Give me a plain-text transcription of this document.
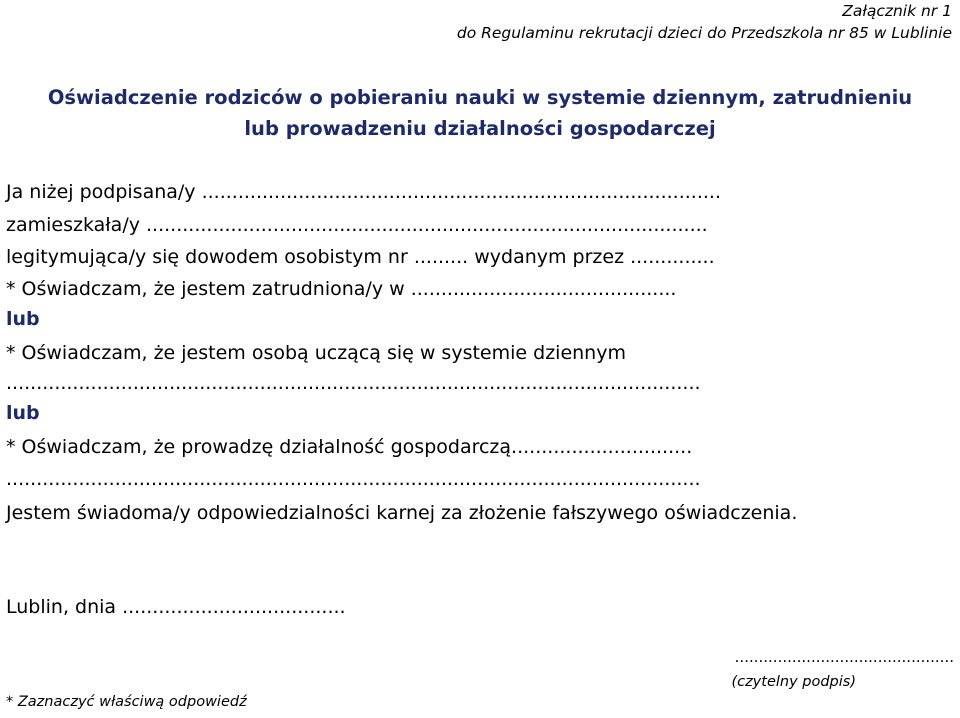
Załącznik nr 1
do Regulaminu rekrutacji dzieci do Przedszkola nr 85 w Lublinie
Oświadczenie rodziców o pobieraniu nauki w systemie dziennym, zatrudnieniu
lub prowadzeniu działalności gospodarczej
Ja niżej podpisana/y ......................................................................................
zamieszkała/y .............................................................................................
legitymująca/y się dowodem osobistym nr ......... wydanym przez ..............
* Oświadczam, że jestem zatrudniona/y w ............................................
lub
* Oświadczam, że jestem osobą uczącą się w systemie dziennym
...................................................................................................................
lub
* Oświadczam, że prowadzę działalność gospodarczą..............................
...................................................................................................................
Jestem świadoma/y odpowiedzialności karnej za złożenie fałszywego oświadczenia.
Lublin, dnia .....................................
..............................................
(czytelny podpis)
* Zaznaczyć właściwą odpowiedź
